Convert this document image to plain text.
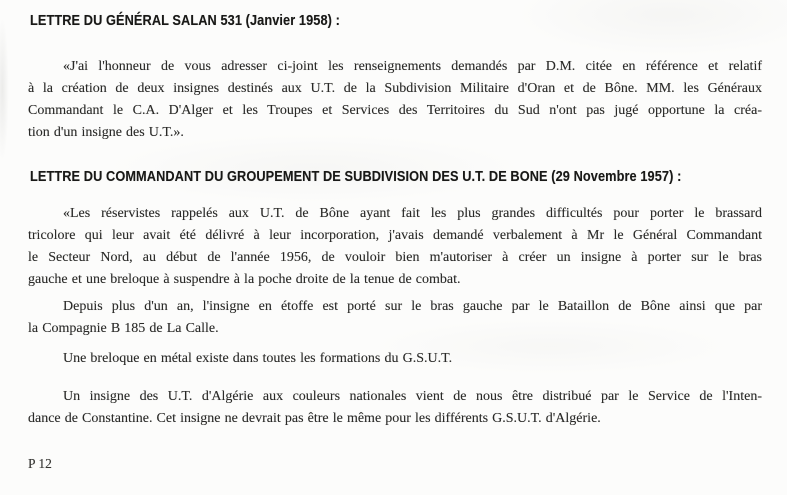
LETTRE DU GÉNÉRAL SALAN 531 (Janvier 1958) :
«J'ai l'honneur de vous adresser ci-joint les renseignements demandés par D.M. citée en référence et relatif
à la création de deux insignes destinés aux U.T. de la Subdivision Militaire d'Oran et de Bône. MM. les Généraux
Commandant le C.A. D'Alger et les Troupes et Services des Territoires du Sud n'ont pas jugé opportune la créa-
tion d'un insigne des U.T.».
LETTRE DU COMMANDANT DU GROUPEMENT DE SUBDIVISION DES U.T. DE BONE (29 Novembre 1957) :
«Les réservistes rappelés aux U.T. de Bône ayant fait les plus grandes difficultés pour porter le brassard
tricolore qui leur avait été délivré à leur incorporation, j'avais demandé verbalement à Mr le Général Commandant
le Secteur Nord, au début de l'année 1956, de vouloir bien m'autoriser à créer un insigne à porter sur le bras
gauche et une breloque à suspendre à la poche droite de la tenue de combat.
Depuis plus d'un an, l'insigne en étoffe est porté sur le bras gauche par le Bataillon de Bône ainsi que par
la Compagnie B 185 de La Calle.
Une breloque en métal existe dans toutes les formations du G.S.U.T.
Un insigne des U.T. d'Algérie aux couleurs nationales vient de nous être distribué par le Service de l'Inten-
dance de Constantine. Cet insigne ne devrait pas être le même pour les différents G.S.U.T. d'Algérie.
P 12
